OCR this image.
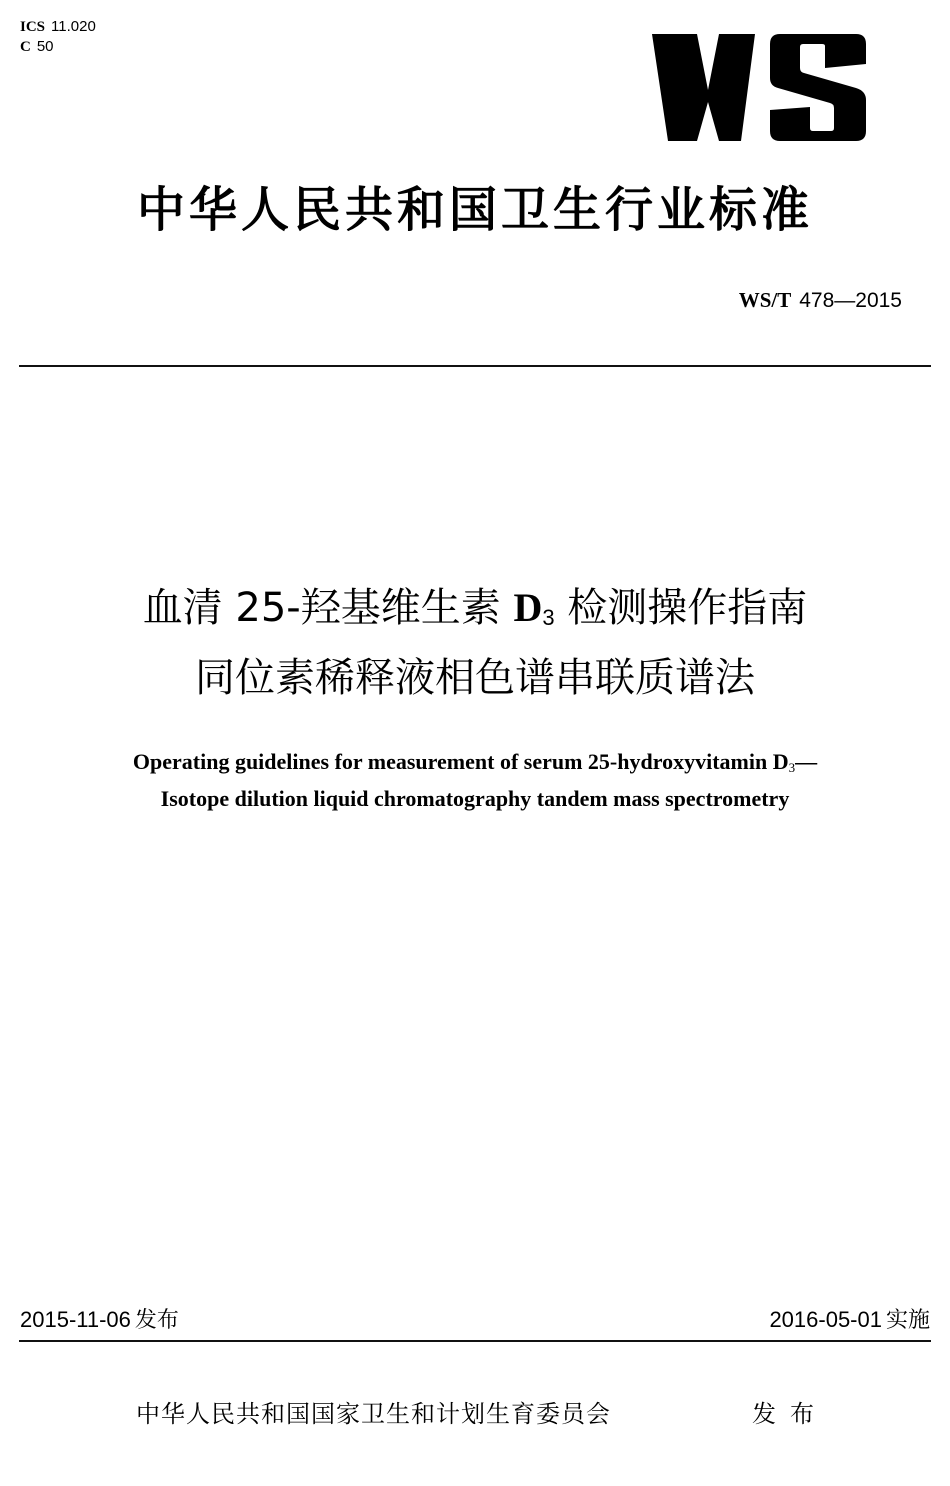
ICS 11.020
C 50
中华人民共和国卫生行业标准
WS/T 478—2015
血清 25-羟基维生素 D3 检测操作指南
同位素稀释液相色谱串联质谱法
Operating guidelines for measurement of serum 25-hydroxyvitamin $D_3—$
Isotope dilution liquid chromatography tandem mass spectrometry
2015-11-06 发布	2016-05-01 实施
中华人民共和国国家卫生和计划生育委员会	发布
